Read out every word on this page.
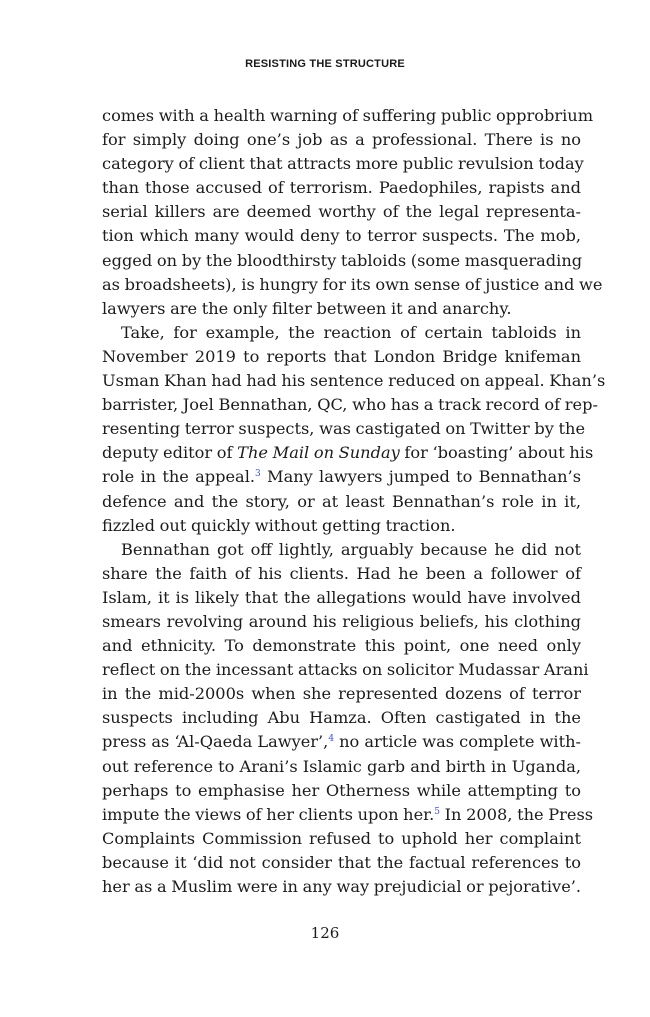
RESISTING THE STRUCTURE

comes with a health warning of suffering public opprobrium
for simply doing one’s job as a professional. There is no
category of client that attracts more public revulsion today
than those accused of terrorism. Paedophiles, rapists and
serial killers are deemed worthy of the legal representa-
tion which many would deny to terror suspects. The mob,
egged on by the bloodthirsty tabloids (some masquerading
as broadsheets), is hungry for its own sense of justice and we
lawyers are the only filter between it and anarchy.

Take, for example, the reaction of certain tabloids in
November 2019 to reports that London Bridge knifeman
Usman Khan had had his sentence reduced on appeal. Khan’s
barrister, Joel Bennathan, QC, who has a track record of rep-
resenting terror suspects, was castigated on Twitter by the
deputy editor of The Mail on Sunday for ‘boasting’ about his
role in the appeal.$^3$ Many lawyers jumped to Bennathan’s
defence and the story, or at least Bennathan’s role in it,
fizzled out quickly without getting traction.

Bennathan got off lightly, arguably because he did not
share the faith of his clients. Had he been a follower of
Islam, it is likely that the allegations would have involved
smears revolving around his religious beliefs, his clothing
and ethnicity. To demonstrate this point, one need only
reflect on the incessant attacks on solicitor Mudassar Arani
in the mid-2000s when she represented dozens of terror
suspects including Abu Hamza. Often castigated in the
press as ‘Al-Qaeda Lawyer’,$^4$ no article was complete with-
out reference to Arani’s Islamic garb and birth in Uganda,
perhaps to emphasise her Otherness while attempting to
impute the views of her clients upon her.$^5$ In 2008, the Press
Complaints Commission refused to uphold her complaint
because it ‘did not consider that the factual references to
her as a Muslim were in any way prejudicial or pejorative’.

126
